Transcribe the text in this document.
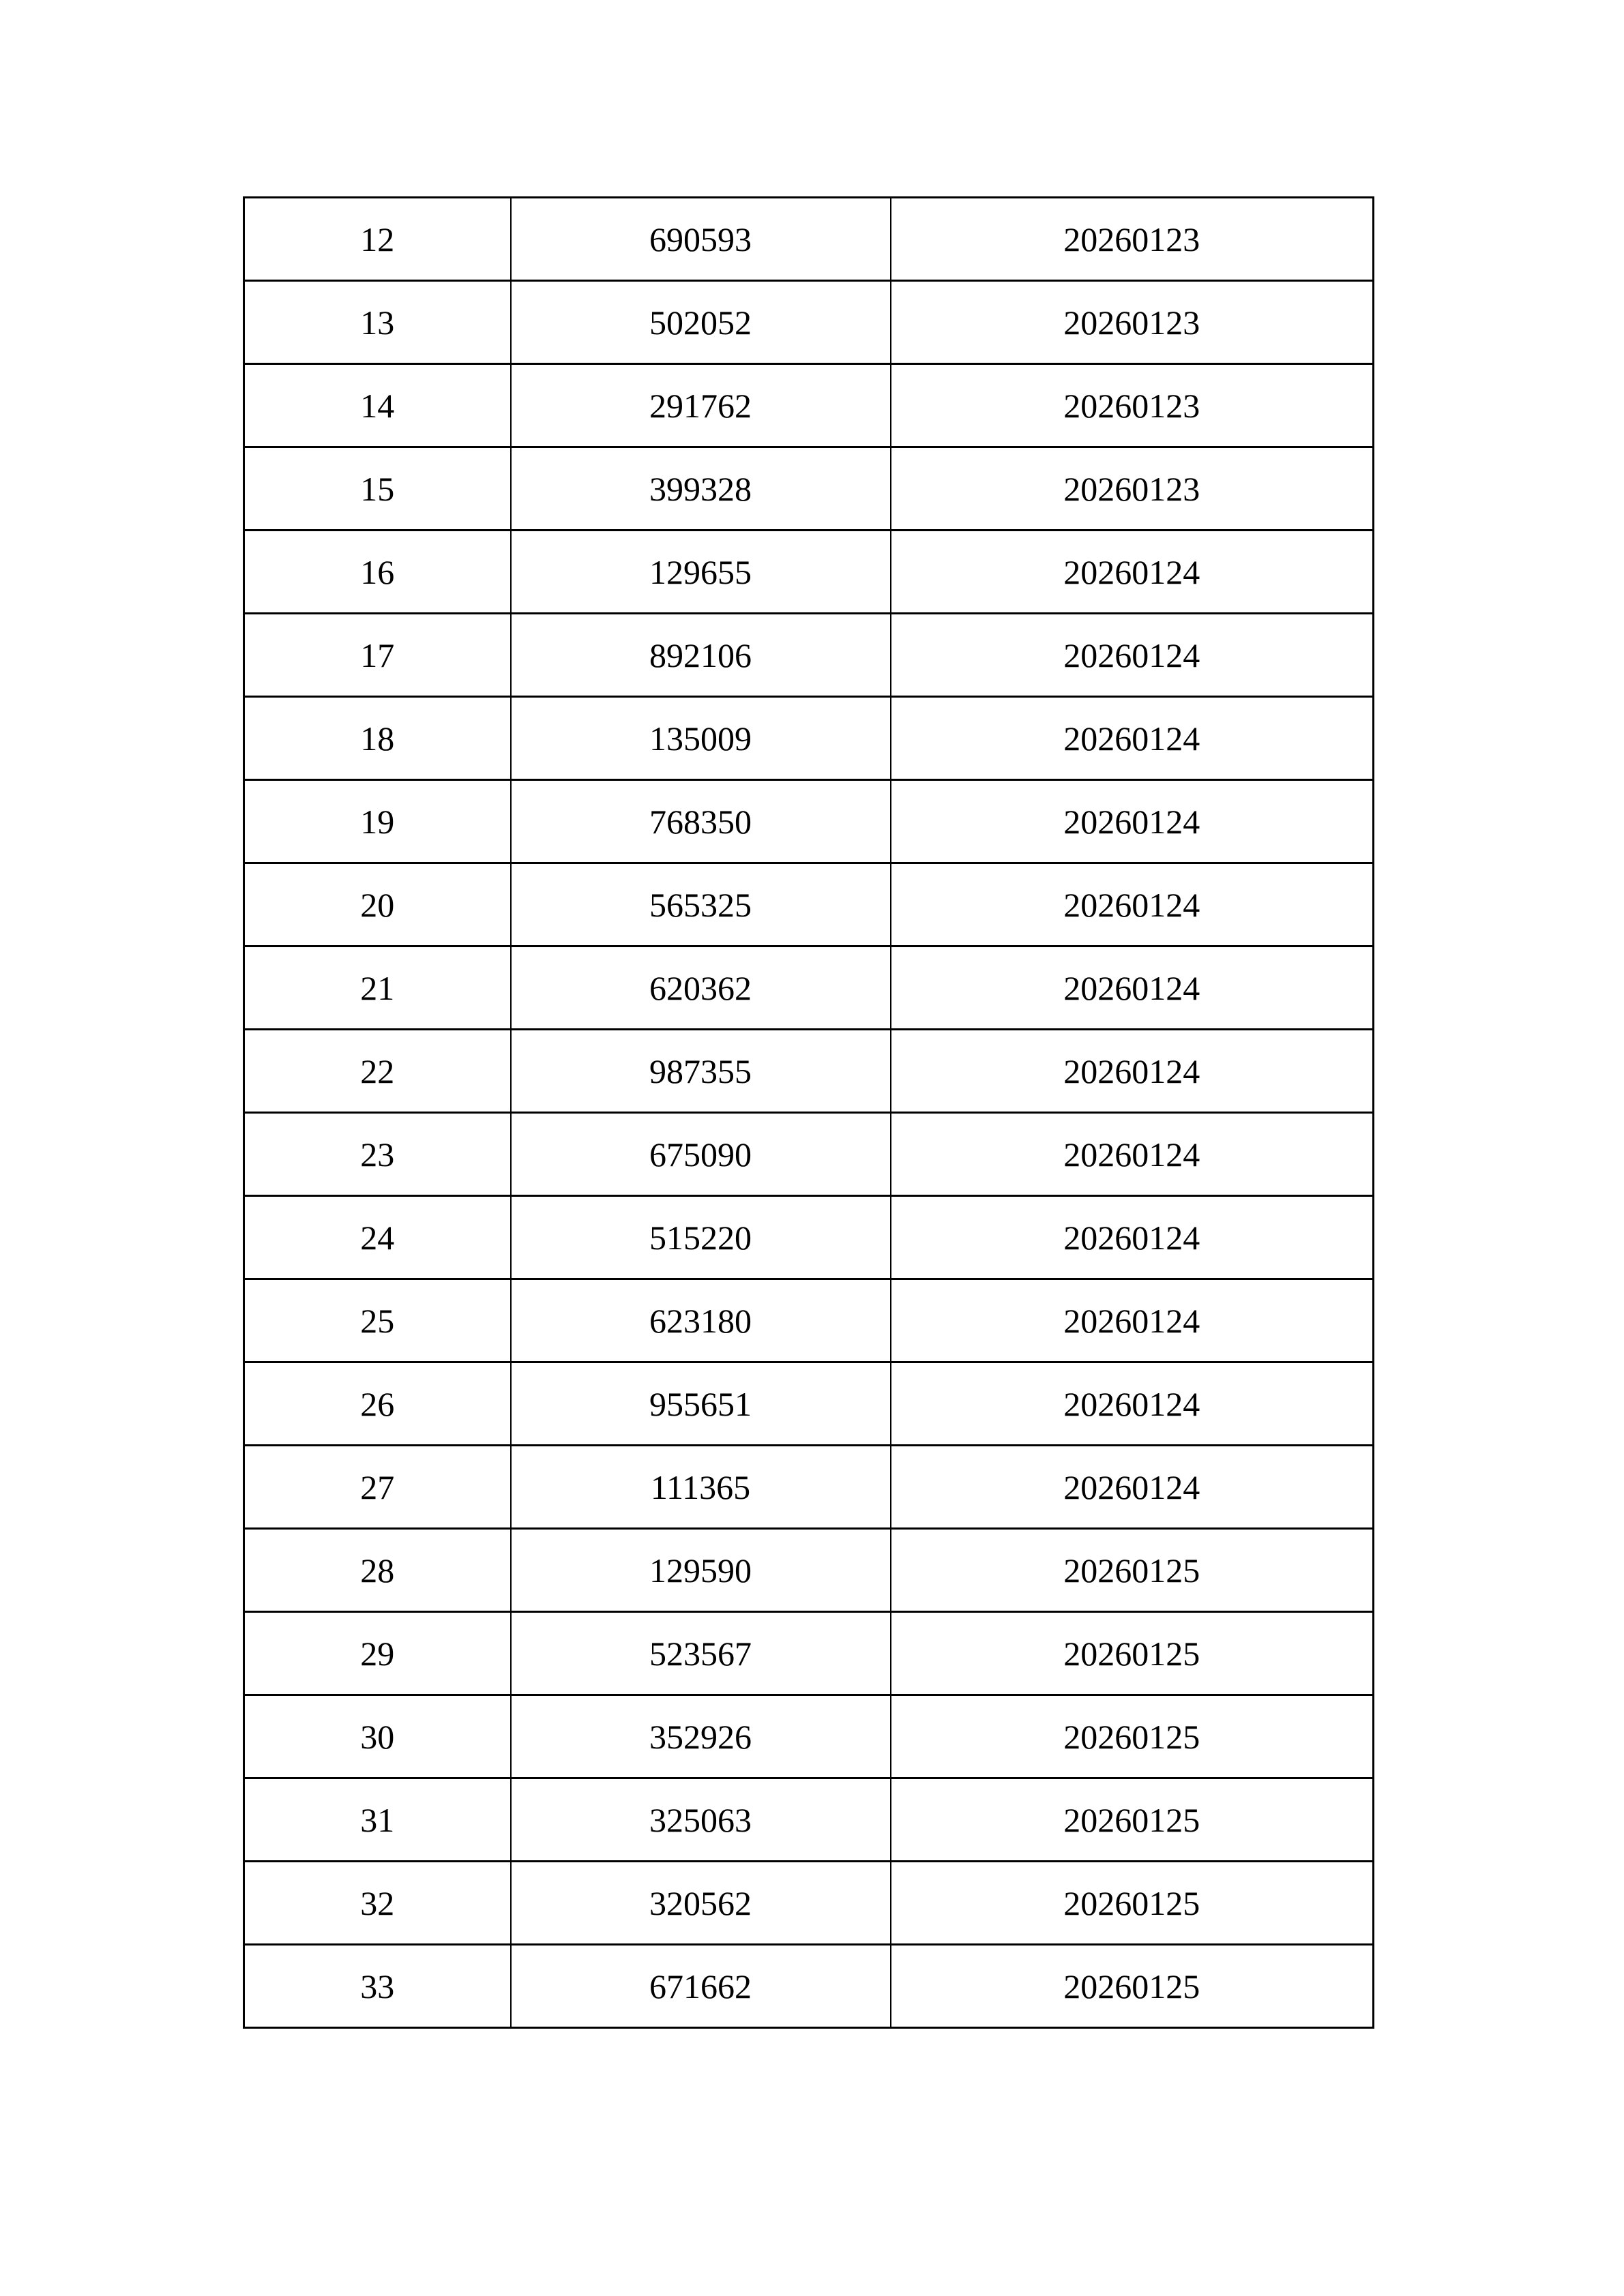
12	690593	20260123
13	502052	20260123
14	291762	20260123
15	399328	20260123
16	129655	20260124
17	892106	20260124
18	135009	20260124
19	768350	20260124
20	565325	20260124
21	620362	20260124
22	987355	20260124
23	675090	20260124
24	515220	20260124
25	623180	20260124
26	955651	20260124
27	111365	20260124
28	129590	20260125
29	523567	20260125
30	352926	20260125
31	325063	20260125
32	320562	20260125
33	671662	20260125
